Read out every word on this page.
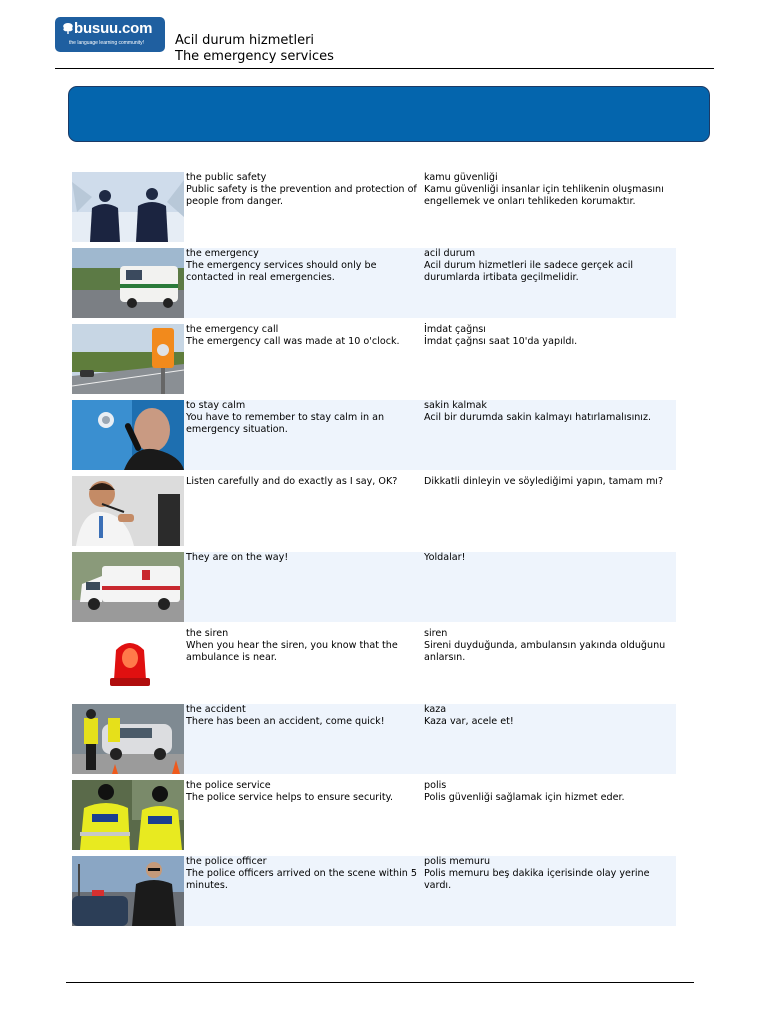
busuu.com
the language learning community! Acil durum hizmetleri
The emergency services
the public safety
Public safety is the prevention and protection of people from danger.
kamu güvenliği
Kamu güvenliği insanlar için tehlikenin oluşmasını engellemek ve onları tehlikeden korumaktır.
the emergency
The emergency services should only be contacted in real emergencies.
acil durum
Acil durum hizmetleri ile sadece gerçek acil durumlarda irtibata geçilmelidir.
the emergency call
The emergency call was made at 10 o'clock.
İmdat çağnsı
İmdat çağnsı saat 10'da yapıldı.
to stay calm
You have to remember to stay calm in an emergency situation.
sakin kalmak
Acil bir durumda sakin kalmayı hatırlamalısınız.
Listen carefully and do exactly as I say, OK?	Dikkatli dinleyin ve söylediğimi yapın, tamam mı?
They are on the way!	Yoldalar!
the siren
When you hear the siren, you know that the ambulance is near.
siren
Sireni duyduğunda, ambulansın yakında olduğunu anlarsın.
the accident
There has been an accident, come quick!
kaza
Kaza var, acele et!
the police service
The police service helps to ensure security.
polis
Polis güvenliği sağlamak için hizmet eder.
the police officer
The police officers arrived on the scene within 5 minutes.
polis memuru
Polis memuru beş dakika içerisinde olay yerine vardı.
